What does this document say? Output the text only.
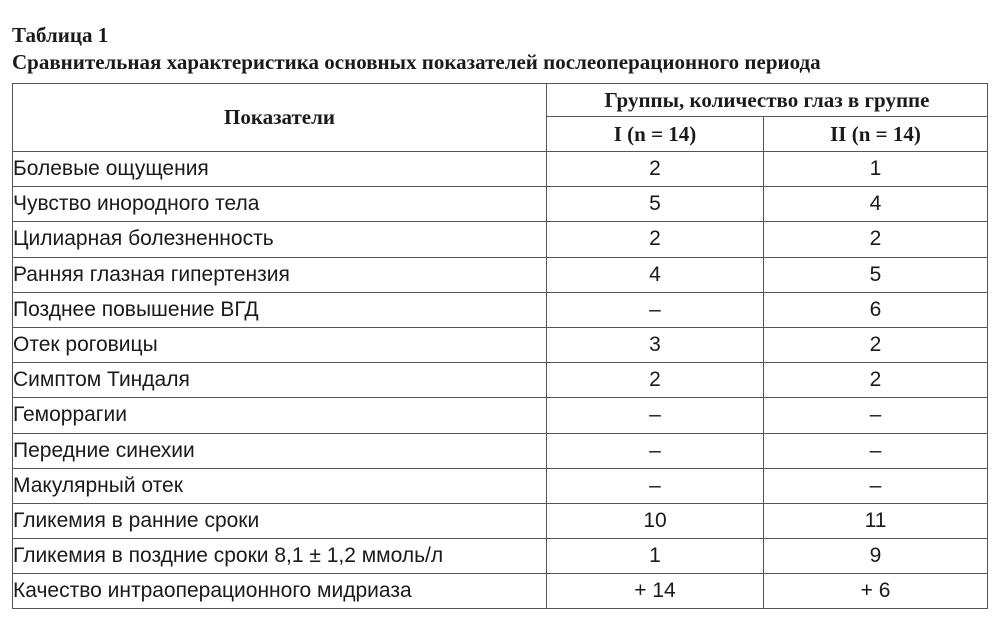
Таблица 1
Сравнительная характеристика основных показателей послеоперационного периода
Показатели	Группы, количество глаз в группе	
	I (n = 14)	II (n = 14)
Болевые ощущения	2	1
Чувство инородного тела	5	4
Цилиарная болезненность	2	2
Ранняя глазная гипертензия	4	5
Позднее повышение ВГД	–	6
Отек роговицы	3	2
Симптом Тиндаля	2	2
Геморрагии	–	–
Передние синехии	–	–
Макулярный отек	–	–
Гликемия в ранние сроки	10	11
Гликемия в поздние сроки 8,1 ± 1,2 ммоль/л	1	9
Качество интраоперационного мидриаза	+ 14	+ 6
